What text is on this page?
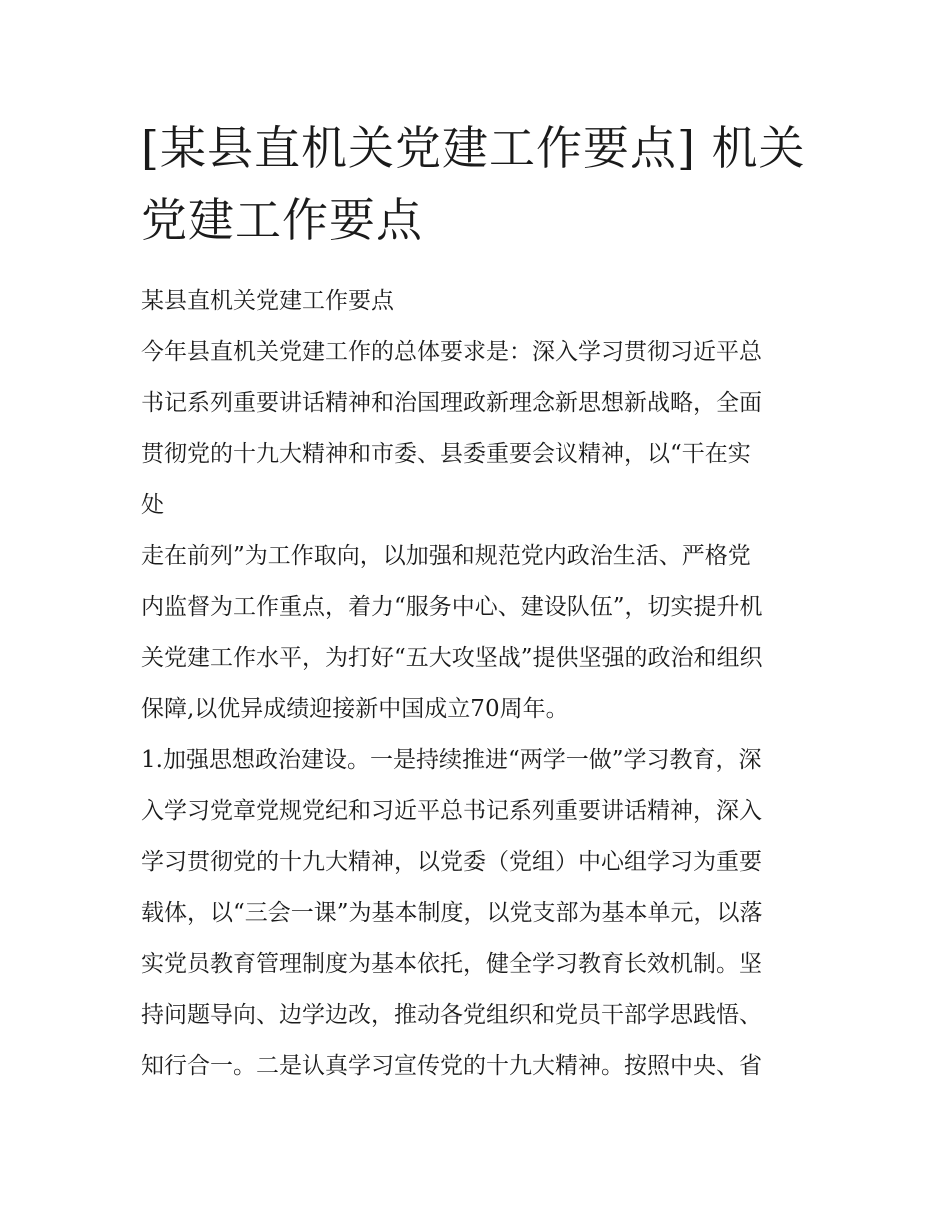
[某县直机关党建工作要点] 机关党建工作要点

某县直机关党建工作要点

今年县直机关党建工作的总体要求是：深入学习贯彻习近平总

书记系列重要讲话精神和治国理政新理念新思想新战略，全面

贯彻党的十九大精神和市委、县委重要会议精神，以“干在实

处

走在前列”为工作取向，以加强和规范党内政治生活、严格党

内监督为工作重点，着力“服务中心、建设队伍”，切实提升机

关党建工作水平，为打好“五大攻坚战”提供坚强的政治和组织

保障,以优异成绩迎接新中国成立70周年。

1.加强思想政治建设。一是持续推进“两学一做”学习教育，深

入学习党章党规党纪和习近平总书记系列重要讲话精神，深入

学习贯彻党的十九大精神，以党委（党组）中心组学习为重要

载体，以“三会一课”为基本制度，以党支部为基本单元，以落

实党员教育管理制度为基本依托，健全学习教育长效机制。坚

持问题导向、边学边改，推动各党组织和党员干部学思践悟、

知行合一。二是认真学习宣传党的十九大精神。按照中央、省
